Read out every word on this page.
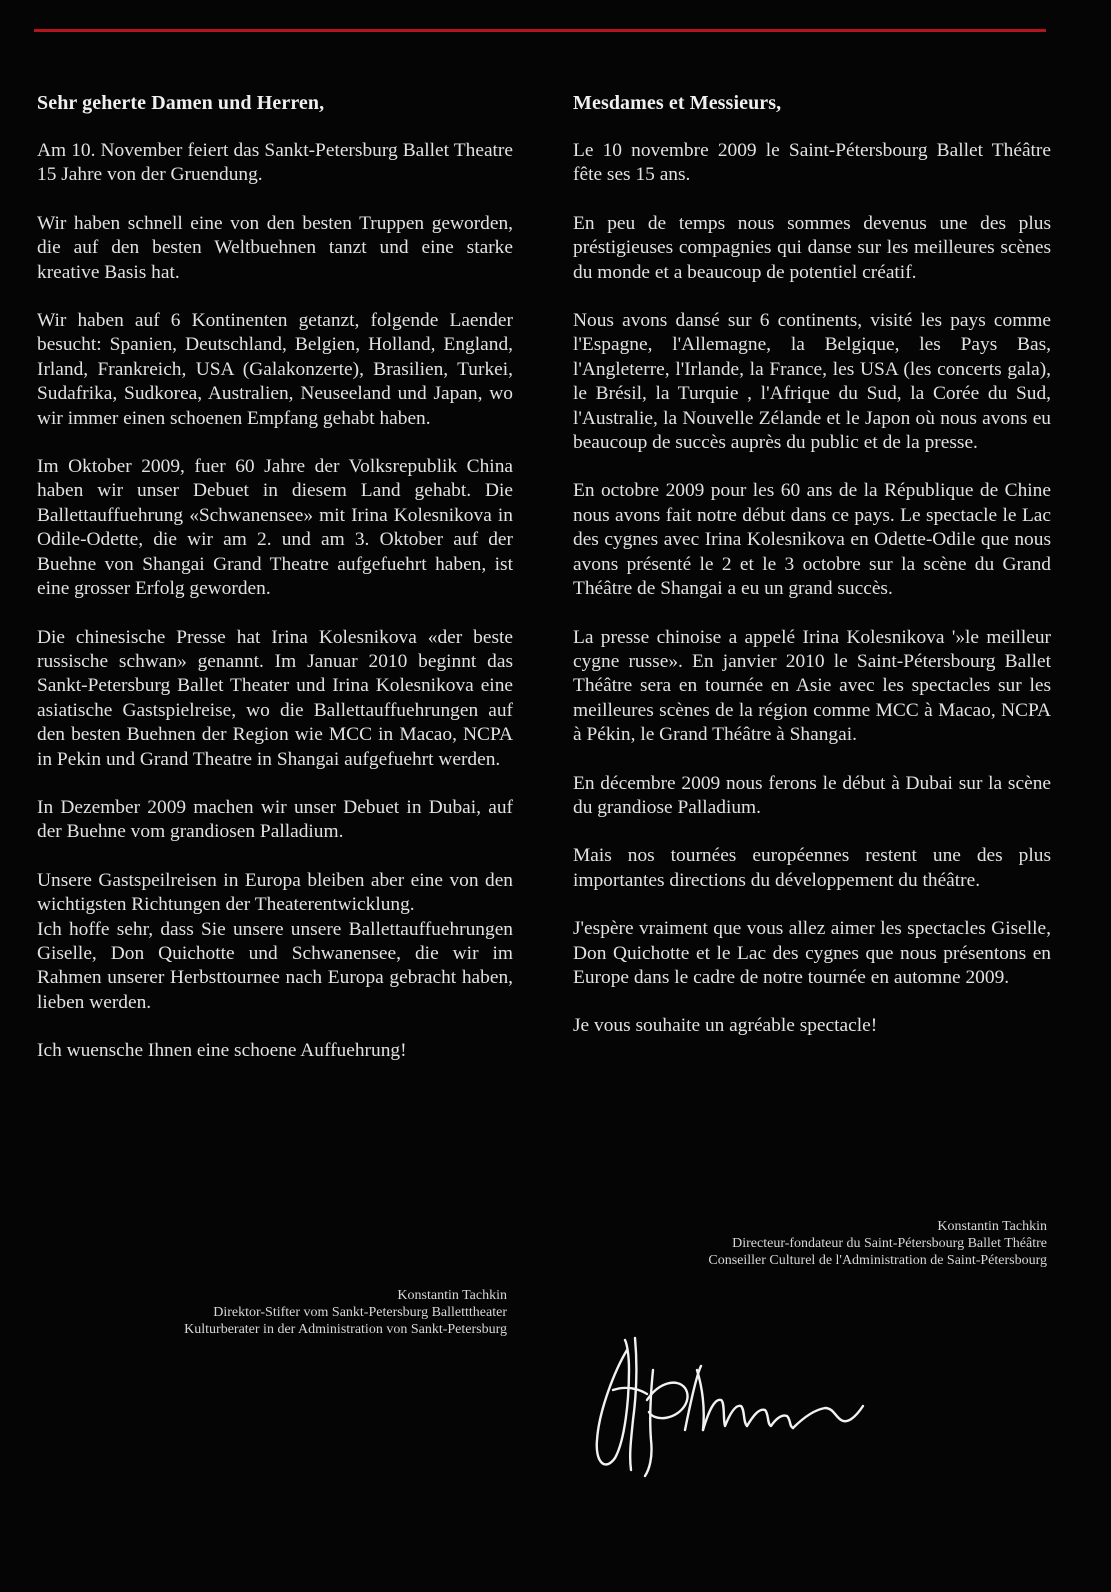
Sehr geherte Damen und Herren,

Am 10. November feiert das Sankt-Petersburg Ballet Theatre 15 Jahre von der Gruendung.

Wir haben schnell eine von den besten Truppen geworden, die auf den besten Weltbuehnen tanzt und eine starke kreative Basis hat.

Wir haben auf 6 Kontinenten getanzt, folgende Laender besucht: Spanien, Deutschland, Belgien, Holland, England, Irland, Frankreich, USA (Galakonzerte), Brasilien, Turkei, Sudafrika, Sudkorea, Australien, Neuseeland und Japan, wo wir immer einen schoenen Empfang gehabt haben.

Im Oktober 2009, fuer 60 Jahre der Volksrepublik China haben wir unser Debuet in diesem Land gehabt. Die Ballettauffuehrung «Schwanensee» mit Irina Kolesnikova in Odile-Odette, die wir am 2. und am 3. Oktober auf der Buehne von Shangai Grand Theatre aufgefuehrt haben, ist eine grosser Erfolg geworden.

Die chinesische Presse hat Irina Kolesnikova «der beste russische schwan» genannt. Im Januar 2010 beginnt das Sankt-Petersburg Ballet Theater und Irina Kolesnikova eine asiatische Gastspielreise, wo die Ballettauffuehrungen auf den besten Buehnen der Region wie MCC in Macao, NCPA in Pekin und Grand Theatre in Shangai aufgefuehrt werden.

In Dezember 2009 machen wir unser Debuet in Dubai, auf der Buehne vom grandiosen Palladium.

Unsere Gastspeilreisen in Europa bleiben aber eine von den wichtigsten Richtungen der Theaterentwicklung.

Ich hoffe sehr, dass Sie unsere unsere Ballettauffuehrungen Giselle, Don Quichotte und Schwanensee, die wir im Rahmen unserer Herbsttournee nach Europa gebracht haben, lieben werden.

Ich wuensche Ihnen eine schoene Auffuehrung!

Mesdames et Messieurs,

Le 10 novembre 2009 le Saint-Pétersbourg Ballet Théâtre fête ses 15 ans.

En peu de temps nous sommes devenus une des plus préstigieuses compagnies qui danse sur les meilleures scènes du monde et a beaucoup de potentiel créatif.

Nous avons dansé sur 6 continents, visité les pays comme l'Espagne, l'Allemagne, la Belgique, les Pays Bas, l'Angleterre, l'Irlande, la France, les USA (les concerts gala), le Brésil, la Turquie , l'Afrique du Sud, la Corée du Sud, l'Australie, la Nouvelle Zélande et le Japon où nous avons eu beaucoup de succès auprès du public et de la presse.

En octobre 2009 pour les 60 ans de la République de Chine nous avons fait notre début dans ce pays. Le spectacle le Lac des cygnes avec Irina Kolesnikova en Odette-Odile que nous avons présenté le 2 et le 3 octobre sur la scène du Grand Théâtre de Shangai a eu un grand succès.

La presse chinoise a appelé Irina Kolesnikova '»le meilleur cygne russe». En janvier 2010 le Saint-Pétersbourg Ballet Théâtre sera en tournée en Asie avec les spectacles sur les meilleures scènes de la région comme MCC à Macao, NCPA à Pékin, le Grand Théâtre à Shangai.

En décembre 2009 nous ferons le début à Dubai sur la scène du grandiose Palladium.

Mais nos tournées européennes restent une des plus importantes directions du développement du théâtre.

J'espère vraiment que vous allez aimer les spectacles Giselle, Don Quichotte et le Lac des cygnes que nous présentons en Europe dans le cadre de notre tournée en automne 2009.

Je vous souhaite un agréable spectacle!

Konstantin Tachkin
Direktor-Stifter vom Sankt-Petersburg Balletttheater
Kulturberater in der Administration von Sankt-Petersburg
Konstantin Tachkin
Directeur-fondateur du Saint-Pétersbourg Ballet Théâtre
Conseiller Culturel de l'Administration de Saint-Pétersbourg
